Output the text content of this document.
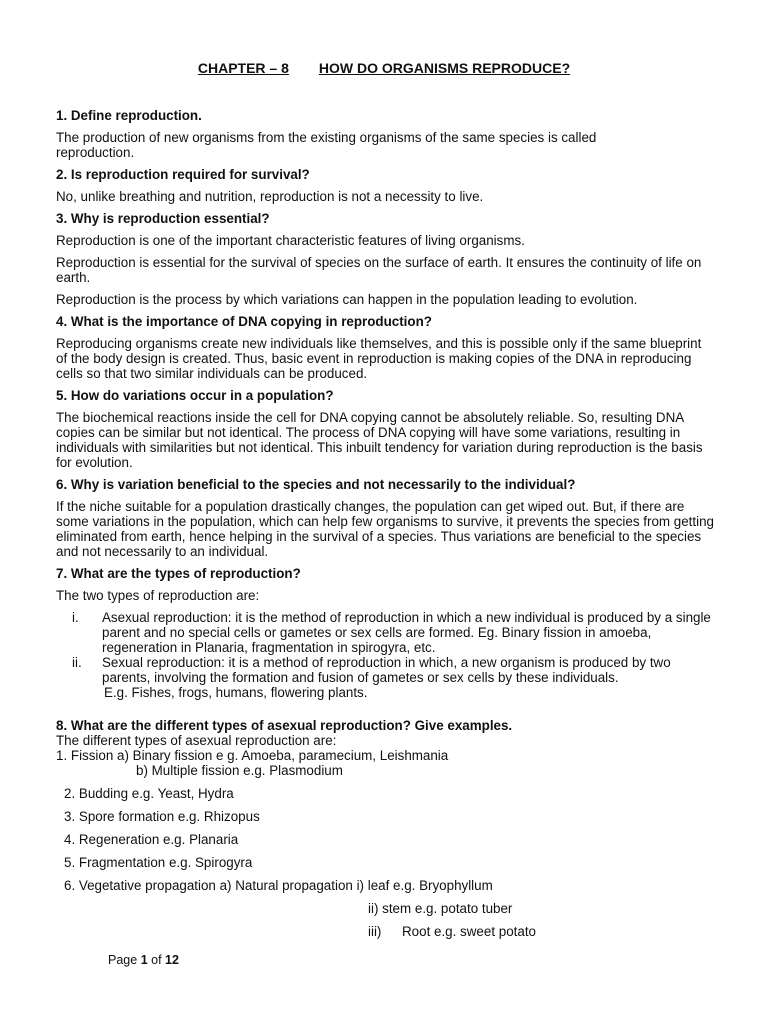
CHAPTER – 8 HOW DO ORGANISMS REPRODUCE?
1. Define reproduction.
The production of new organisms from the existing organisms of the same species is called reproduction.
2. Is reproduction required for survival?
No, unlike breathing and nutrition, reproduction is not a necessity to live.
3. Why is reproduction essential?
Reproduction is one of the important characteristic features of living organisms.
Reproduction is essential for the survival of species on the surface of earth. It ensures the continuity of life on earth.
Reproduction is the process by which variations can happen in the population leading to evolution.
4. What is the importance of DNA copying in reproduction?
Reproducing organisms create new individuals like themselves, and this is possible only if the same blueprint of the body design is created. Thus, basic event in reproduction is making copies of the DNA in reproducing cells so that two similar individuals can be produced.
5. How do variations occur in a population?
The biochemical reactions inside the cell for DNA copying cannot be absolutely reliable. So, resulting DNA copies can be similar but not identical. The process of DNA copying will have some variations, resulting in individuals with similarities but not identical. This inbuilt tendency for variation during reproduction is the basis for evolution.
6. Why is variation beneficial to the species and not necessarily to the individual?
If the niche suitable for a population drastically changes, the population can get wiped out. But, if there are some variations in the population, which can help few organisms to survive, it prevents the species from getting eliminated from earth, hence helping in the survival of a species. Thus variations are beneficial to the species and not necessarily to an individual.
7. What are the types of reproduction?
The two types of reproduction are:
i.	Asexual reproduction: it is the method of reproduction in which a new individual is produced by a single parent and no special cells or gametes or sex cells are formed. Eg. Binary fission in amoeba, regeneration in Planaria, fragmentation in spirogyra, etc.
ii.	Sexual reproduction: it is a method of reproduction in which, a new organism is produced by two parents, involving the formation and fusion of gametes or sex cells by these individuals.
E.g. Fishes, frogs, humans, flowering plants.
8. What are the different types of asexual reproduction? Give examples.
The different types of asexual reproduction are:
1. Fission a) Binary fission e g. Amoeba, paramecium, Leishmania
b) Multiple fission e.g. Plasmodium
2. Budding e.g. Yeast, Hydra
3. Spore formation e.g. Rhizopus
4. Regeneration e.g. Planaria
5. Fragmentation e.g. Spirogyra
6. Vegetative propagation a) Natural propagation i) leaf e.g. Bryophyllum
ii) stem e.g. potato tuber
iii) Root e.g. sweet potato
Page 1 of 12
